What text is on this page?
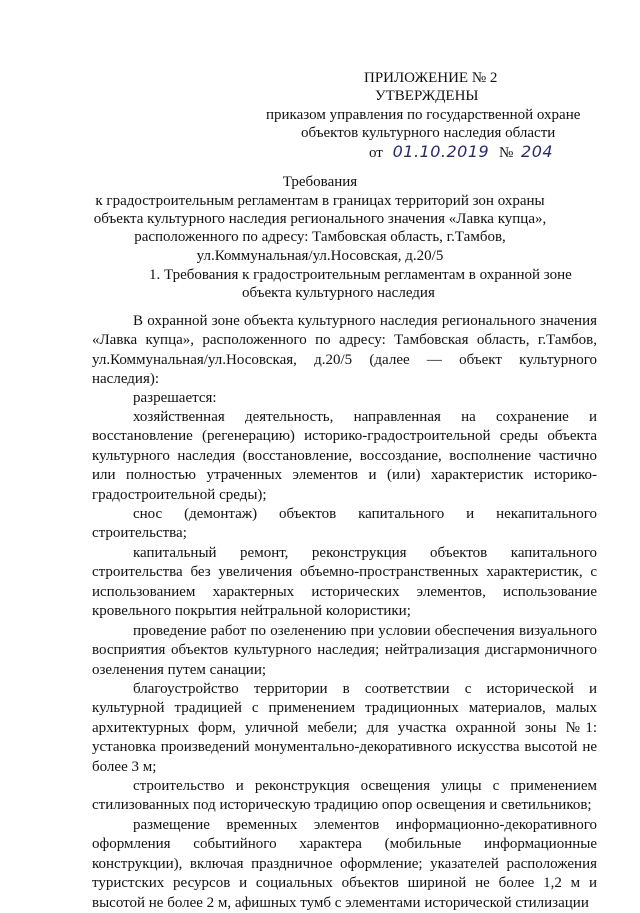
ПРИЛОЖЕНИЕ № 2
УТВЕРЖДЕНЫ
приказом управления по государственной охране
объектов культурного наследия области
от 01.10.2019 № 204
Требования
к градостроительным регламентам в границах территорий зон охраны
объекта культурного наследия регионального значения «Лавка купца»,
расположенного по адресу: Тамбовская область, г.Тамбов,
ул.Коммунальная/ул.Носовская, д.20/5
1. Требования к градостроительным регламентам в охранной зоне
объекта культурного наследия
В охранной зоне объекта культурного наследия регионального значения «Лавка купца», расположенного по адресу: Тамбовская область, г.Тамбов, ул.Коммунальная/ул.Носовская, д.20/5 (далее — объект культурного наследия):
разрешается:
хозяйственная деятельность, направленная на сохранение и восстановление (регенерацию) историко-градостроительной среды объекта культурного наследия (восстановление, воссоздание, восполнение частично или полностью утраченных элементов и (или) характеристик историко-градостроительной среды);
снос (демонтаж) объектов капитального и некапитального строительства;
капитальный ремонт, реконструкция объектов капитального строительства без увеличения объемно-пространственных характеристик, с использованием характерных исторических элементов, использование кровельного покрытия нейтральной колористики;
проведение работ по озеленению при условии обеспечения визуального восприятия объектов культурного наследия; нейтрализация дисгармоничного озеленения путем санации;
благоустройство территории в соответствии с исторической и культурной традицией с применением традиционных материалов, малых архитектурных форм, уличной мебели; для участка охранной зоны №1: установка произведений монументально-декоративного искусства высотой не более 3 м;
строительство и реконструкция освещения улицы с применением стилизованных под историческую традицию опор освещения и светильников;
размещение временных элементов информационно-декоративного оформления событийного характера (мобильные информационные конструкции), включая праздничное оформление; указателей расположения туристских ресурсов и социальных объектов шириной не более 1,2 м и высотой не более 2 м, афишных тумб с элементами исторической стилизации
